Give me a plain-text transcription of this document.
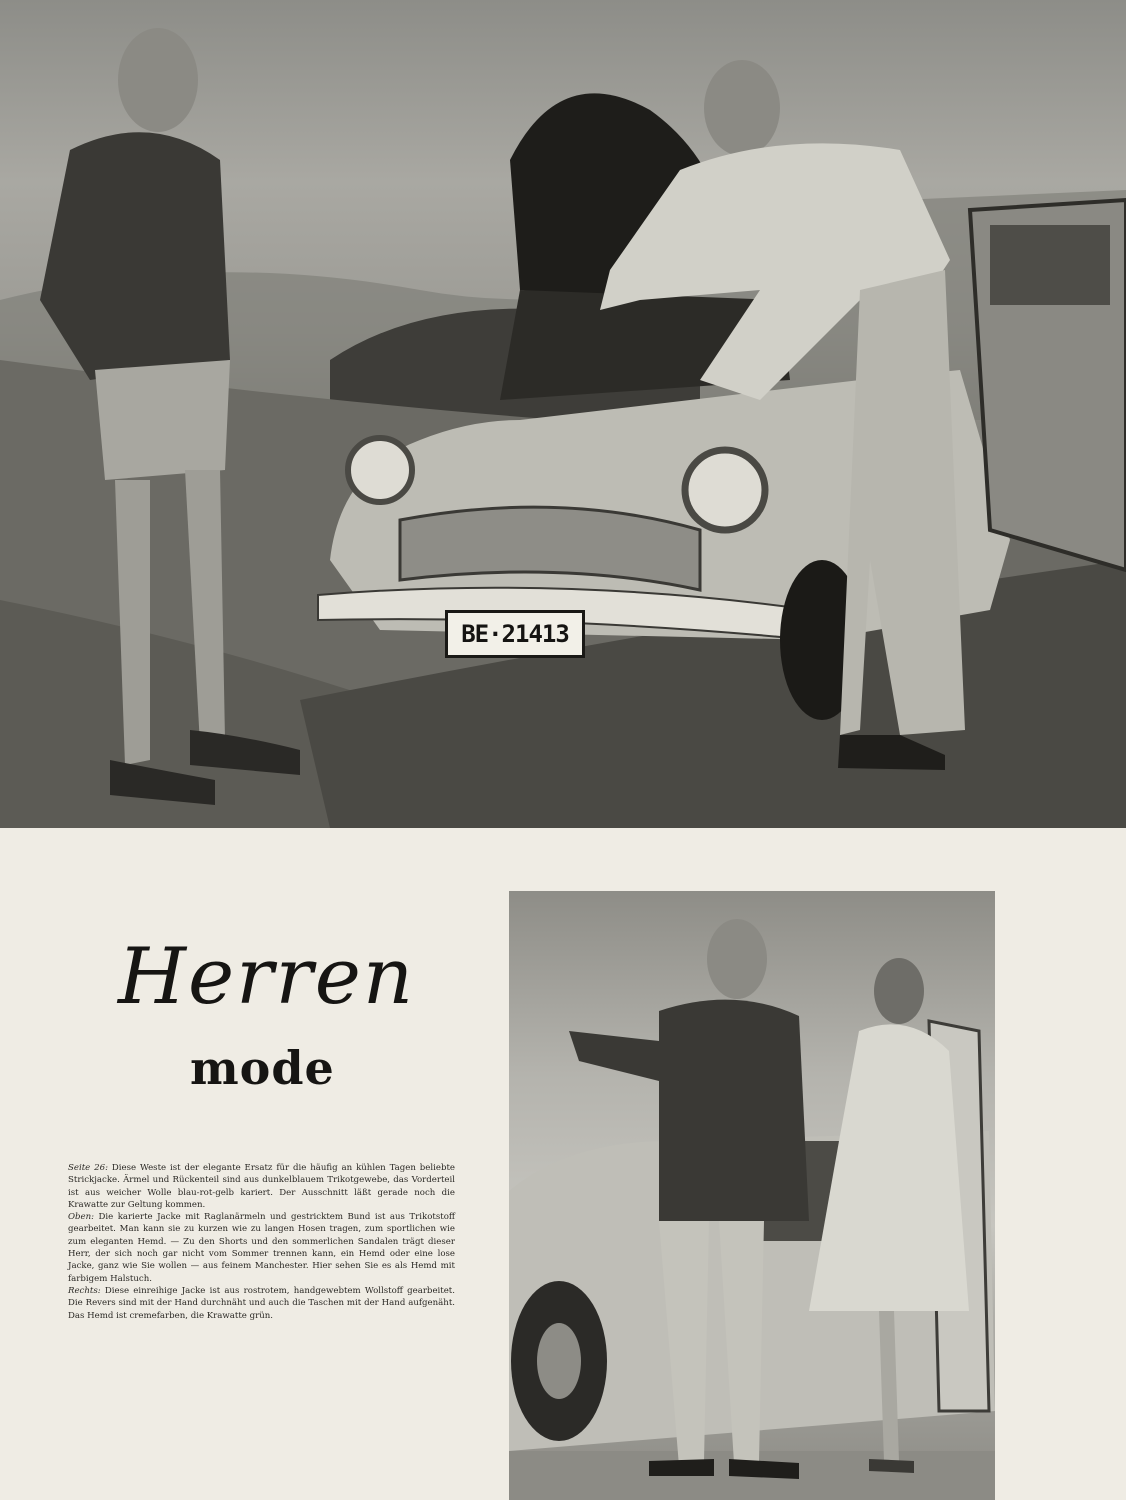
BE·21413
Herren
mode

Seite 26: Diese Weste ist der elegante Ersatz für die häufig an kühlen Tagen beliebte Strickjacke. Ärmel und Rückenteil sind aus dunkelblauem Trikotgewebe, das Vorderteil ist aus weicher Wolle blau-rot-gelb kariert. Der Ausschnitt läßt gerade noch die Krawatte zur Geltung kommen.

Oben: Die karierte Jacke mit Raglanärmeln und gestricktem Bund ist aus Trikotstoff gearbeitet. Man kann sie zu kurzen wie zu langen Hosen tragen, zum sportlichen wie zum eleganten Hemd. — Zu den Shorts und den sommerlichen Sandalen trägt dieser Herr, der sich noch gar nicht vom Sommer trennen kann, ein Hemd oder eine lose Jacke, ganz wie Sie wollen — aus feinem Manchester. Hier sehen Sie es als Hemd mit farbigem Halstuch.

Rechts: Diese einreihige Jacke ist aus rostrotem, handgewebtem Wollstoff gearbeitet. Die Revers sind mit der Hand durchnäht und auch die Taschen mit der Hand aufgenäht. Das Hemd ist cremefarben, die Krawatte grün.
